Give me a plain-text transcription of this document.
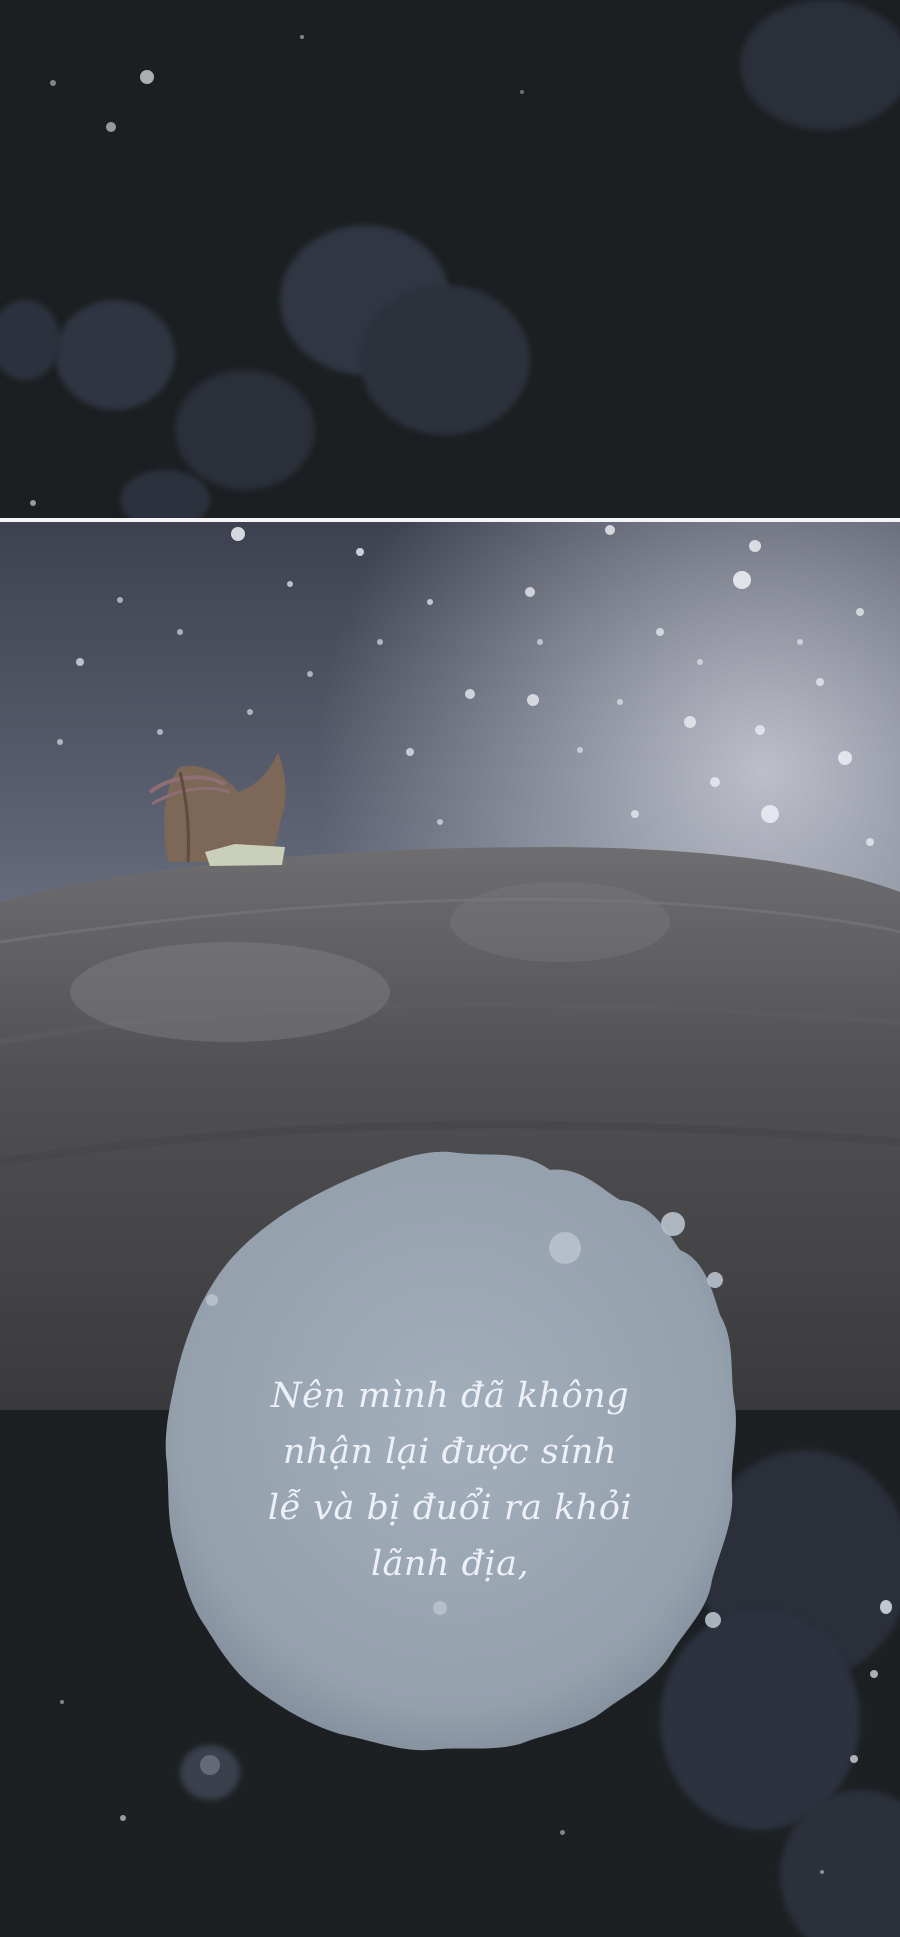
Nên mình đã không
nhận lại được sính
lễ và bị đuổi ra khỏi
lãnh địa,
